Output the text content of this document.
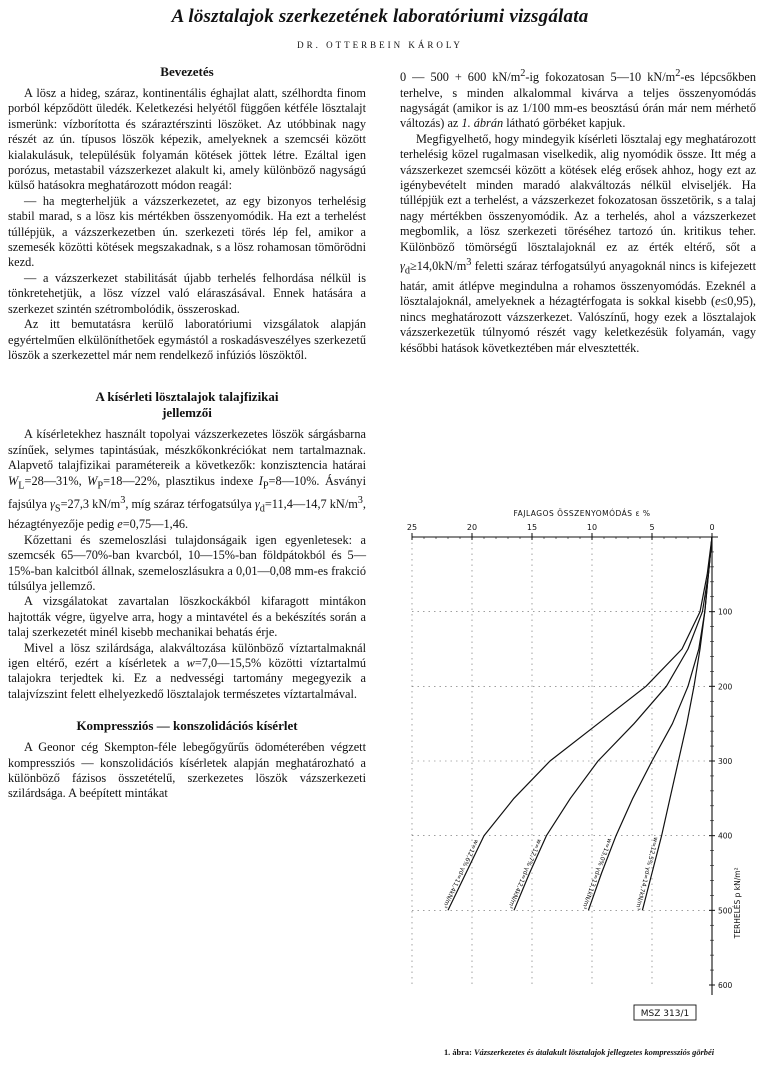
A lösztalajok szerkezetének laboratóriumi vizsgálata
DR. OTTERBEIN KÁROLY
Bevezetés

A lösz a hideg, száraz, kontinentális éghajlat alatt, szélhordta finom porból képződött üledék. Keletkezési helyétől függően kétféle lösztalajt ismerünk: vízborította és száraztérszinti löszöket. Az utóbbinak nagy részét az ún. típusos löszök képezik, amelyeknek a szemcséi között kialakulásuk, településük folyamán kötések jöttek létre. Ezáltal igen porózus, metastabil vázszerkezet alakult ki, amely különböző nagyságú külső hatásokra meghatározott módon reagál:

— ha megterheljük a vázszerkezetet, az egy bizonyos terhelésig stabil marad, s a lösz kis mértékben összenyomódik. Ha ezt a terhelést túllépjük, a vázszerkezetben ún. szerkezeti törés lép fel, amikor a szemesék közötti kötések megszakadnak, s a lösz rohamosan tömörödni kezd.

— a vázszerkezet stabilitását újabb terhelés felhordása nélkül is tönkretehetjük, a lösz vízzel való eláraszásával. Ennek hatására a szerkezet szintén szétrombolódik, összeroskad.

Az itt bemutatásra kerülő laboratóriumi vizsgálatok alapján egyértelműen elkülöníthetőek egymástól a roskadásveszélyes szerkezetű löszök a szerkezettel már nem rendelkező infúziós löszöktől.

A kísérleti lösztalajok talajfizikai
jellemzői

A kísérletekhez használt topolyai vázszerkezetes löszök sárgásbarna színűek, selymes tapintásúak, mészkőkonkréciókat nem tartalmaznak. Alapvető talajfizikai paramétereik a következők: konzisztencia határai $W_L=28—31\%$, $W_P=18—22\%$, plasztikus indexe $I_P=8—10\%$. Ásványi fajsúlya $\gamma_S=27,3$ $kN/m^3$, míg száraz térfogatsúlya $\gamma_d=11,4—14,7$ $kN/m^3$, hézagtényezője pedig e=0,75—1,46.

Kőzettani és szemeloszlási tulajdonságaik igen egyenletesek: a szemcsék 65—70%-ban kvarcból, 10—15%-ban földpátokból és 5—15%-ban kalcitból állnak, szemeloszlásukra a 0,01—0,08 mm-es frakció túlsúlya jellemző.

A vizsgálatokat zavartalan löszkockákból kifaragott mintákon hajtották végre, ügyelve arra, hogy a mintavétel és a bekészítés során a talaj szerkezetét minél kisebb mechanikai behatás érje.

Mivel a lösz szilárdsága, alakváltozása különböző víztartalmaknál igen eltérő, ezért a kísérletek a w=7,0—15,5% közötti víztartalmú talajokra terjedtek ki. Ez a nedvességi tartomány megegyezik a talajvízszint felett elhelyezkedő lösztalajok természetes víztartalmával.

Kompressziós — konszolidációs kísérlet

A Geonor cég Skempton-féle lebegőgyűrűs ödométerében végzett kompressziós — konszolidációs kísérletek alapján meghatározható a különböző fázisos összetételű, szerkezetes löszök vázszerkezeti szilárdsága. A beépített mintákat

0 — 500 + 600 $kN/m^2-ig$ fokozatosan 5—10 $kN/m^2-es$ lépcsőkben terhelve, s minden alkalommal kivárva a teljes összenyomódás nagyságát (amikor is az 1/100 mm-es beosztású órán már nem mérhető változás) az 1. ábrán látható görbéket kapjuk.

Megfigyelhető, hogy mindegyik kísérleti lösztalaj egy meghatározott terhelésig közel rugalmasan viselkedik, alig nyomódik össze. Itt még a vázszerkezet szemcséi között a kötések elég erősek ahhoz, hogy ezt az igénybevételt minden maradó alakváltozás nélkül elviseljék. Ha túllépjük ezt a terhelést, a vázszerkezet fokozatosan összetörik, s a talaj nagy mértékben összenyomódik. Az a terhelés, ahol a vázszerkezet megbomlik, a lösz szerkezeti töréséhez tartozó ún. kritikus teher. Különböző tömörségű lösztalajoknál ez az érték eltérő, sőt a $\gamma_d\ge 14,0kN/m^3$ feletti száraz térfogatsúlyú anyagoknál nincs is kifejezett határ, amit átlépve megindulna a rohamos összenyomódás. Ezeknél a lösztalajoknál, amelyeknek a hézagtérfogata is sokkal kisebb (e≤0,95), nincs meghatározott vázszerkezet. Valószínű, hogy ezek a lösztalajok vázszerkezetük túlnyomó részét vagy keletkezésük folyamán, vagy későbbi hatások következtében már elvesztették.

FAJLAGOS ÖSSZENYOMÓDÁS ε %
25	20	15	10	5	0
100
200
300
400
500
600
TERHELÉS p kN/m²
w=12,6% γd=11,4kN/m³	w=12,7% γd=12,4kN/m³	w=13,0% γd=13,1kN/m³	w=12,5% γd=14,7kN/m³
MSZ 313/1

1. ábra: Vázszerkezetes és átalakult lösztalajok jellegzetes kompressziós görbéi
